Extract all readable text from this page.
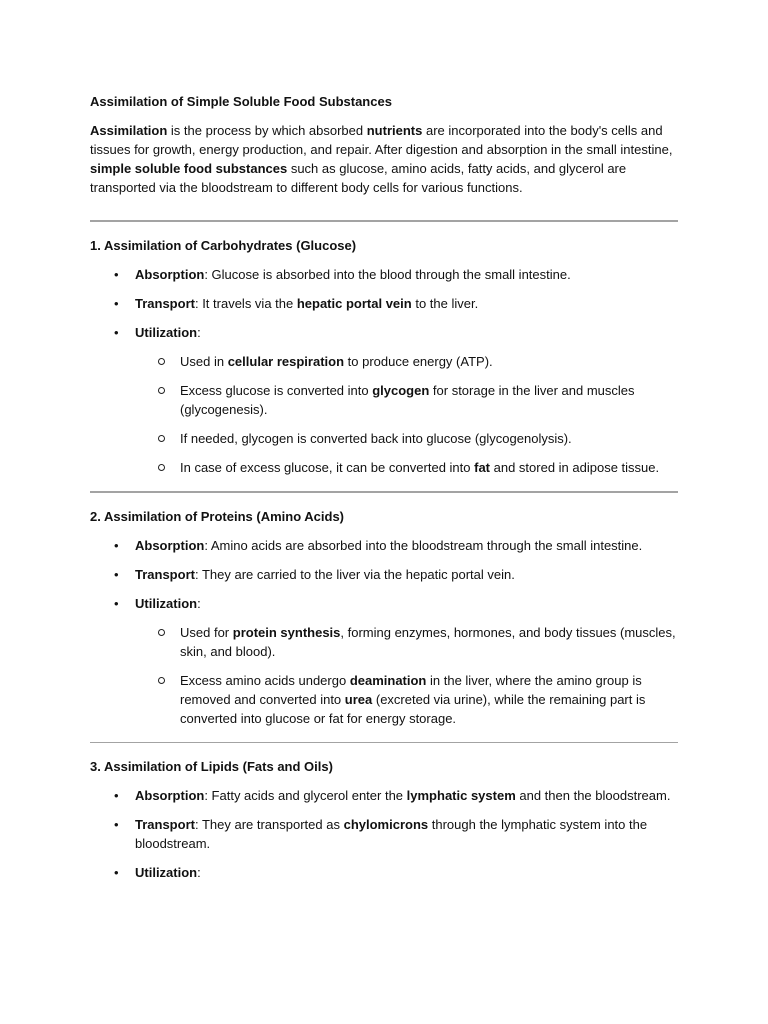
Assimilation of Simple Soluble Food Substances

Assimilation is the process by which absorbed nutrients are incorporated into the body's cells and tissues for growth, energy production, and repair. After digestion and absorption in the small intestine, simple soluble food substances such as glucose, amino acids, fatty acids, and glycerol are transported via the bloodstream to different body cells for various functions.

1. Assimilation of Carbohydrates (Glucose)

• Absorption: Glucose is absorbed into the blood through the small intestine.
• Transport: It travels via the hepatic portal vein to the liver.
• Utilization:
Used in cellular respiration to produce energy (ATP).
Excess glucose is converted into glycogen for storage in the liver and muscles (glycogenesis).
If needed, glycogen is converted back into glucose (glycogenolysis).
In case of excess glucose, it can be converted into fat and stored in adipose tissue.

2. Assimilation of Proteins (Amino Acids)

• Absorption: Amino acids are absorbed into the bloodstream through the small intestine.
• Transport: They are carried to the liver via the hepatic portal vein.
• Utilization:
Used for protein synthesis, forming enzymes, hormones, and body tissues (muscles, skin, and blood).
Excess amino acids undergo deamination in the liver, where the amino group is removed and converted into urea (excreted via urine), while the remaining part is converted into glucose or fat for energy storage.

3. Assimilation of Lipids (Fats and Oils)

• Absorption: Fatty acids and glycerol enter the lymphatic system and then the bloodstream.
• Transport: They are transported as chylomicrons through the lymphatic system into the bloodstream.
• Utilization:
